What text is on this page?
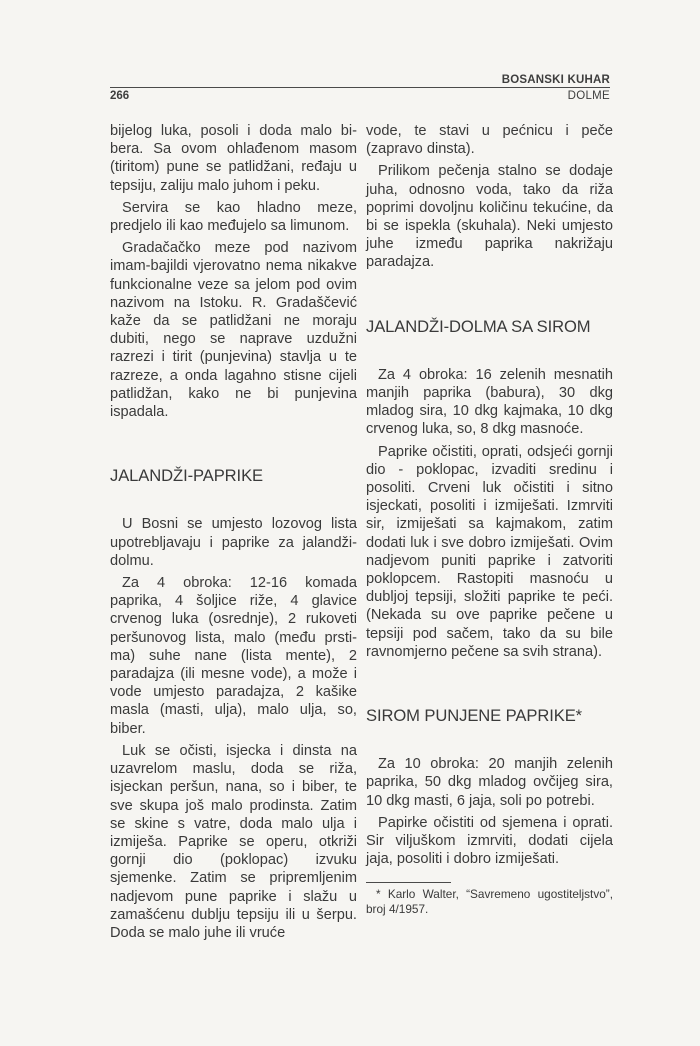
BOSANSKI KUHAR
266	DOLME

bijelog luka, posoli i doda malo bibera. Sa ovom ohlađenom masom (tiritom) pune se patlidžani, ređaju u tepsiju, zaliju malo juhom i peku.

Servira se kao hladno meze, predjelo ili kao međujelo sa limunom.

Gradačačko meze pod nazivom imam-bajildi vjerovatno nema nikakve funkcionalne veze sa jelom pod ovim nazivom na Istoku. R. Gradaščević kaže da se patlidžani ne moraju dubiti, nego se naprave uzdužni razrezi i tirit (punjevina) stavlja u te razreze, a onda lagahno stisne cijeli patlidžan, kako ne bi punjevina ispadala.

JALANDŽI-PAPRIKE

U Bosni se umjesto lozovog lista upotrebljavaju i paprike za jalandži-dolmu.

Za 4 obroka: 12-16 komada paprika, 4 šoljice riže, 4 glavice crvenog luka (osrednje), 2 rukoveti peršunovog lista, malo (među prstima) suhe nane (lista mente), 2 paradajza (ili mesne vode), a može i vode umjesto paradajza, 2 kašike masla (masti, ulja), malo ulja, so, biber.

Luk se očisti, isjecka i dinsta na uzavrelom maslu, doda se riža, isjeckan peršun, nana, so i biber, te sve skupa još malo prodinsta. Zatim se skine s vatre, doda malo ulja i izmiješa. Paprike se operu, otkriži gornji dio (poklopac) izvuku sjemenke. Zatim se pripremljenim nadjevom pune paprike i slažu u zamašćenu dublju tepsiju ili u šerpu. Doda se malo juhe ili vruće

vode, te stavi u pećnicu i peče (zapravo dinsta).

Prilikom pečenja stalno se dodaje juha, odnosno voda, tako da riža poprimi dovoljnu količinu tekućine, da bi se ispekla (skuhala). Neki umjesto juhe između paprika nakrižaju paradajza.

JALANDŽI-DOLMA SA SIROM

Za 4 obroka: 16 zelenih mesnatih manjih paprika (babura), 30 dkg mladog sira, 10 dkg kajmaka, 10 dkg crvenog luka, so, 8 dkg masnoće.

Paprike očistiti, oprati, odsjeći gornji dio - poklopac, izvaditi sredinu i posoliti. Crveni luk očistiti i sitno isjeckati, posoliti i izmiješati. Izmrviti sir, izmiješati sa kajmakom, zatim dodati luk i sve dobro izmiješati. Ovim nadjevom puniti paprike i zatvoriti poklopcem. Rastopiti masnoću u dubljoj tepsiji, složiti paprike te peći. (Nekada su ove paprike pečene u tepsiji pod sačem, tako da su bile ravnomjerno pečene sa svih strana).

SIROM PUNJENE PAPRIKE*

Za 10 obroka: 20 manjih zelenih paprika, 50 dkg mladog ovčijeg sira, 10 dkg masti, 6 jaja, soli po potrebi.

Papirke očistiti od sjemena i oprati. Sir viljuškom izmrviti, dodati cijela jaja, posoliti i dobro izmiješati.

* Karlo Walter, “Savremeno ugostiteljstvo”, broj 4/1957.
